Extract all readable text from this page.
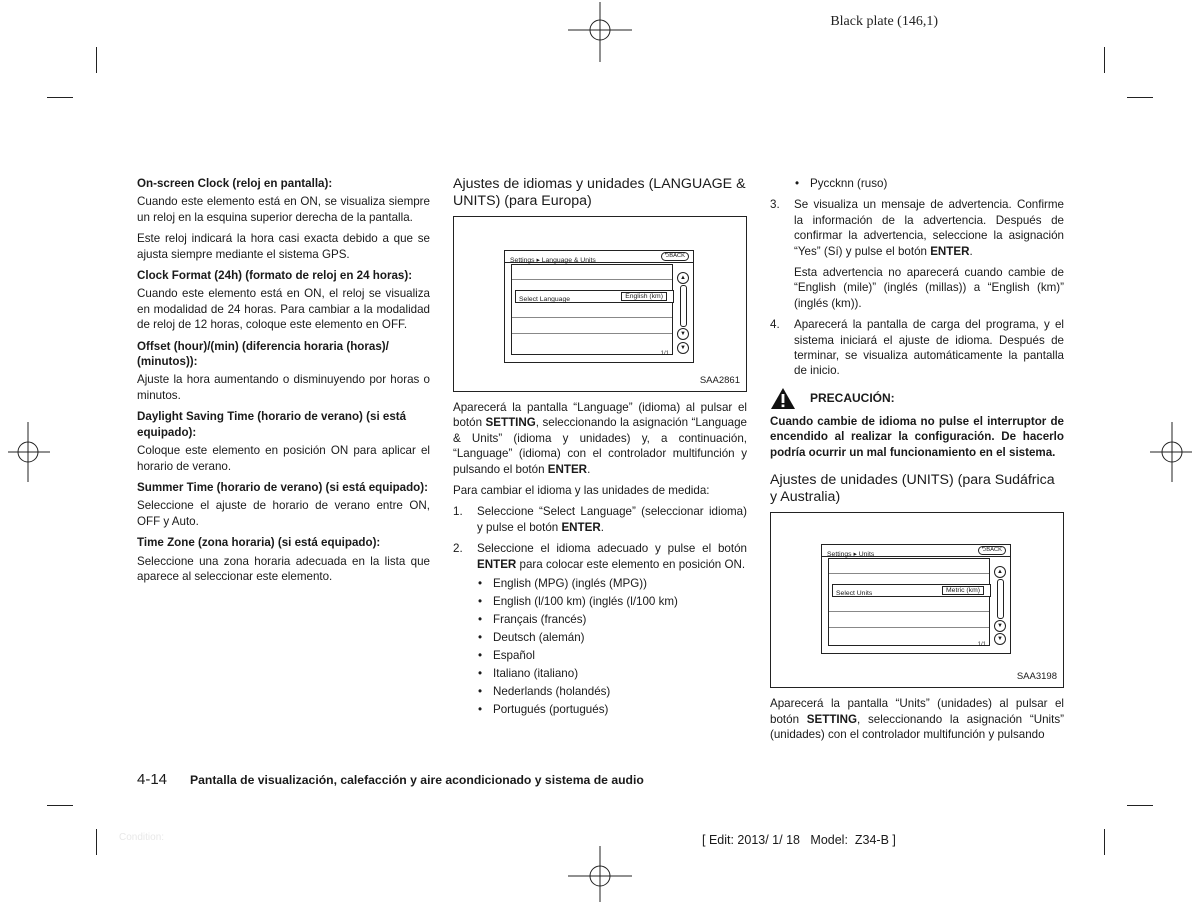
Black plate (146,1)
On-screen Clock (reloj en pantalla):
Cuando este elemento está en ON, se visualiza siempre un reloj en la esquina superior derecha de la pantalla.
Este reloj indicará la hora casi exacta debido a que se ajusta siempre mediante el sistema GPS.
Clock Format (24h) (formato de reloj en 24 horas):
Cuando este elemento está en ON, el reloj se visualiza en modalidad de 24 horas. Para cambiar a la modalidad de reloj de 12 horas, coloque este elemento en OFF.
Offset (hour)/(min) (diferencia horaria (horas)/ (minutos)):
Ajuste la hora aumentando o disminuyendo por horas o minutos.
Daylight Saving Time (horario de verano) (si está equipado):
Coloque este elemento en posición ON para aplicar el horario de verano.
Summer Time (horario de verano) (si está equipado):
Seleccione el ajuste de horario de verano entre ON, OFF y Auto.
Time Zone (zona horaria) (si está equipado):
Seleccione una zona horaria adecuada en la lista que aparece al seleccionar este elemento.
Ajustes de idiomas y unidades (LANGUAGE & UNITS) (para Europa)
Settings ▸ Language & Units
⮌BACK
Select Language	English (km)
▲
▼
▼
1/1
SAA2861
Aparecerá la pantalla “Language” (idioma) al pulsar el botón SETTING, seleccionando la asignación “Language & Units” (idioma y unidades) y, a continuación, “Language” (idioma) con el controlador multifunción y pulsando el botón ENTER.
Para cambiar el idioma y las unidades de medida:
1. Seleccione “Select Language” (seleccionar idioma) y pulse el botón ENTER.
2. Seleccione el idioma adecuado y pulse el botón ENTER para colocar este elemento en posición ON.
• English (MPG) (inglés (MPG))
• English (l/100 km) (inglés (l/100 km)
• Français (francés)
• Deutsch (alemán)
• Español
• Italiano (italiano)
• Nederlands (holandés)
• Portugués (portugués)
• Pyccknn (ruso)
3. Se visualiza un mensaje de advertencia. Confirme la información de la advertencia. Después de confirmar la advertencia, seleccione la asignación “Yes” (Sí) y pulse el botón ENTER.
Esta advertencia no aparecerá cuando cambie de “English (mile)” (inglés (millas)) a “English (km)” (inglés (km)).
4. Aparecerá la pantalla de carga del programa, y el sistema iniciará el ajuste de idioma. Después de terminar, se visualiza automáticamente la pantalla de inicio.
PRECAUCIÓN:
Cuando cambie de idioma no pulse el interruptor de encendido al realizar la configuración. De hacerlo podría ocurrir un mal funcionamiento en el sistema.
Ajustes de unidades (UNITS) (para Sudáfrica y Australia)
Settings ▸ Units
⮌BACK
Select Units	Metric (km)
▲
▼
▼
1/1
SAA3198
Aparecerá la pantalla “Units” (unidades) al pulsar el botón SETTING, seleccionando la asignación “Units” (unidades) con el controlador multifunción y pulsando
4-14 Pantalla de visualización, calefacción y aire acondicionado y sistema de audio
Condition:	[ Edit: 2013/ 1/ 18   Model:  Z34-B ]
